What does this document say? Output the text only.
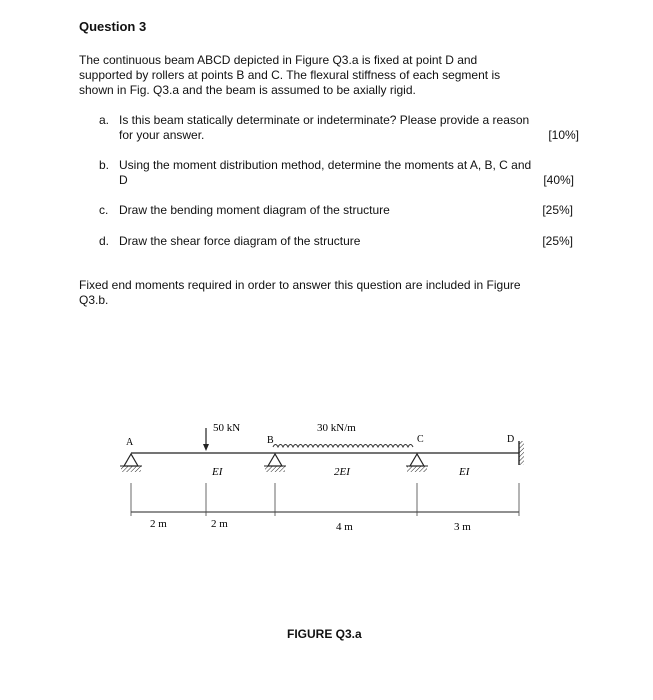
Question 3
The continuous beam ABCD depicted in Figure Q3.a is fixed at point D and
supported by rollers at points B and C. The flexural stiffness of each segment is
shown in Fig. Q3.a and the beam is assumed to be axially rigid.
a. Is this beam statically determinate or indeterminate? Please provide a reason
for your answer.	[10%]
b. Using the moment distribution method, determine the moments at A, B, C and
D	[40%]
c. Draw the bending moment diagram of the structure	[25%]
d. Draw the shear force diagram of the structure	[25%]
Fixed end moments required in order to answer this question are included in Figure
Q3.b.
A	B	C	D
50 kN	30 kN/m
EI	2EI	EI
2 m	2 m	4 m	3 m
FIGURE Q3.a
